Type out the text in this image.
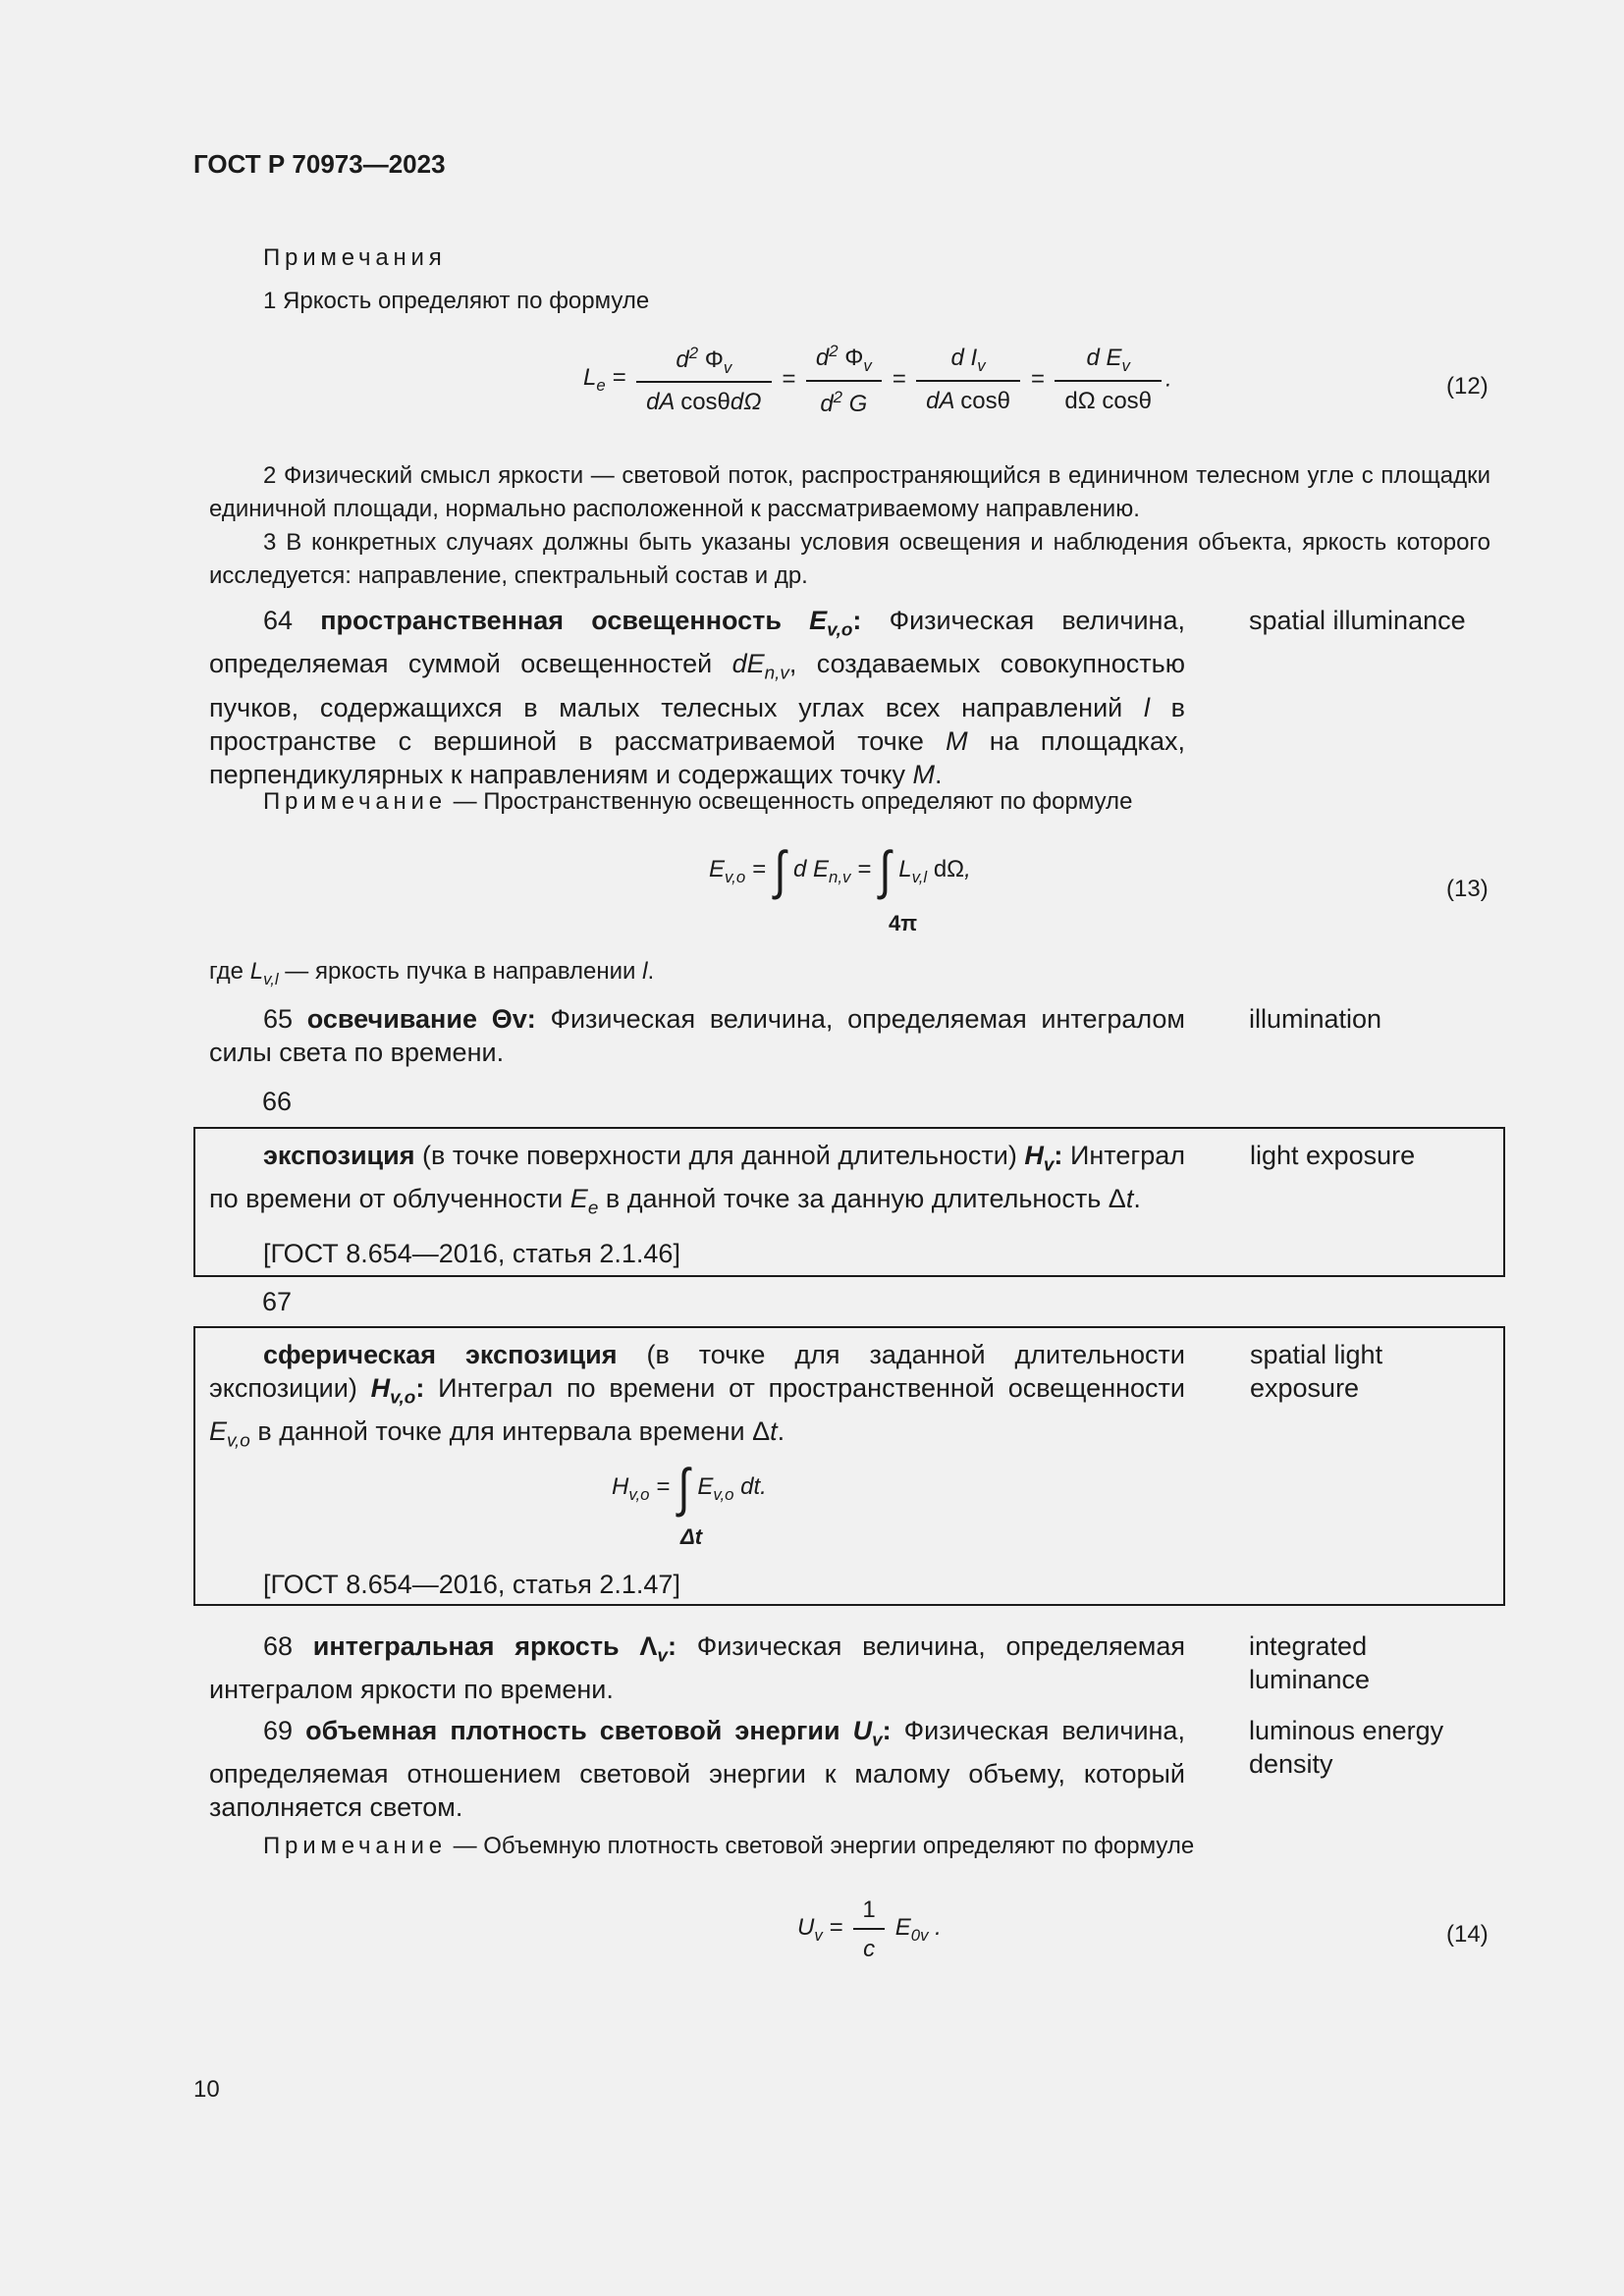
ГОСТ Р 70973—2023
Примечания
1 Яркость определяют по формуле
$L_e = \frac{d^2 \Phi_v}{\text{dA cosθdΩ}} = \frac{d^2 \Phi_v}{d^2 G} = \frac{d I_v}{\text{dA cosθ}} = \frac{d E_v}{\text{dΩ cosθ}}$ .	(12)
2 Физический смысл яркости — световой поток, распространяющийся в единичном телесном угле с площадки единичной площади, нормально расположенной к рассматриваемому направлению.
3 В конкретных случаях должны быть указаны условия освещения и наблюдения объекта, яркость которого исследуется: направление, спектральный состав и др.
64 пространственная освещенность $E_{v,o}$: Физическая величина, определяемая суммой освещенностей $dE_{n,v}$, создаваемых совокупностью пучков, содержащихся в малых телесных углах всех направлений l в пространстве с вершиной в рассматриваемой точке M на площадках, перпендикулярных к направлениям и содержащих точку M.
spatial illuminance
Примечание — Пространственную освещенность определяют по формуле
$E_{v,o}$ = ∫ d $E_{n,v}$ = ∫ $L_{v,l}$ dΩ,
4π
(13)
где $L_{v,l}$ — яркость пучка в направлении l.
65 освечивание Θv: Физическая величина, определяемая интегралом силы света по времени.
illumination
66
экспозиция (в точке поверхности для данной длительности) $H_v$: Интеграл по времени от облученности $E_e$ в данной точке за данную длительность Δt.
[ГОСТ 8.654—2016, статья 2.1.46]
light exposure
67
сферическая экспозиция (в точке для заданной длительности экспозиции) $H_{v,o}$: Интеграл по времени от пространственной освещенности $E_{v,o}$ в данной точке для интервала времени Δt.
$H_{v,o}$ = ∫ $E_{v,o}$ dt.
Δt
[ГОСТ 8.654—2016, статья 2.1.47]
spatial light exposure
68 интегральная яркость $\Lambda_v$: Физическая величина, определяемая интегралом яркости по времени.
integrated luminance
69 объемная плотность световой энергии $U_v$: Физическая величина, определяемая отношением световой энергии к малому объему, который заполняется светом.
luminous energy density
Примечание — Объемную плотность световой энергии определяют по формуле
$U_v = \frac{1}{c} E_{0v}$ .	(14)
10
